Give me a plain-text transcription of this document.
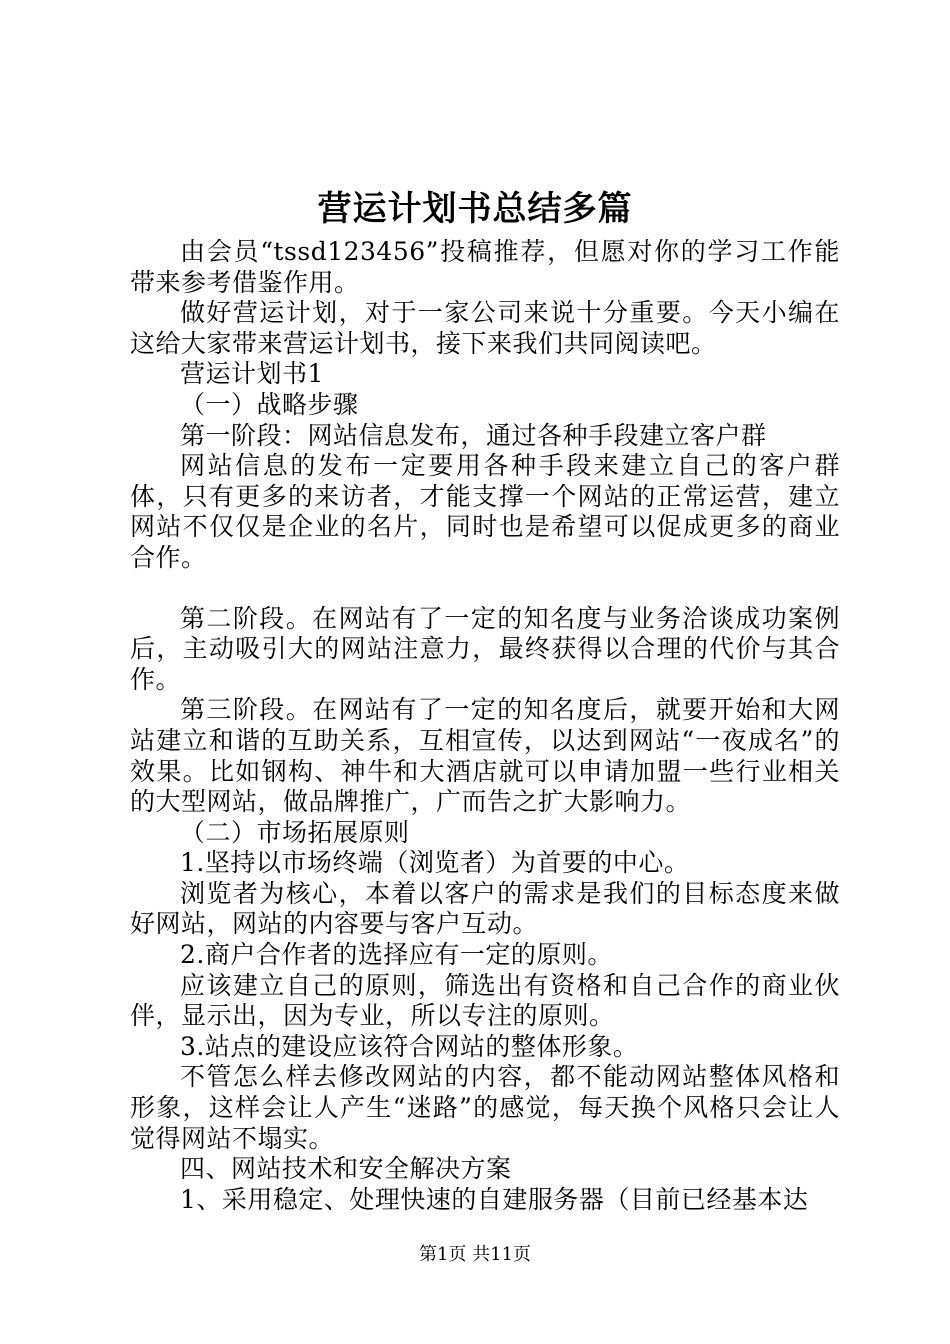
营运计划书总结多篇

由会员“tssd123456”投稿推荐，但愿对你的学习工作能带来参考借鉴作用。

做好营运计划，对于一家公司来说十分重要。今天小编在这给大家带来营运计划书，接下来我们共同阅读吧。

营运计划书1

（一）战略步骤

第一阶段：网站信息发布，通过各种手段建立客户群

网站信息的发布一定要用各种手段来建立自己的客户群体，只有更多的来访者，才能支撑一个网站的正常运营，建立网站不仅仅是企业的名片，同时也是希望可以促成更多的商业合作。

第二阶段。在网站有了一定的知名度与业务洽谈成功案例后，主动吸引大的网站注意力，最终获得以合理的代价与其合作。

第三阶段。在网站有了一定的知名度后，就要开始和大网站建立和谐的互助关系，互相宣传，以达到网站“一夜成名”的效果。比如钢构、神牛和大酒店就可以申请加盟一些行业相关的大型网站，做品牌推广，广而告之扩大影响力。

（二）市场拓展原则

1.坚持以市场终端（浏览者）为首要的中心。

浏览者为核心，本着以客户的需求是我们的目标态度来做好网站，网站的内容要与客户互动。

2.商户合作者的选择应有一定的原则。

应该建立自己的原则，筛选出有资格和自己合作的商业伙伴，显示出，因为专业，所以专注的原则。

3.站点的建设应该符合网站的整体形象。

不管怎么样去修改网站的内容，都不能动网站整体风格和形象，这样会让人产生“迷路”的感觉，每天换个风格只会让人觉得网站不塌实。

四、网站技术和安全解决方案

1、采用稳定、处理快速的自建服务器（目前已经基本达

第1页 共11页
